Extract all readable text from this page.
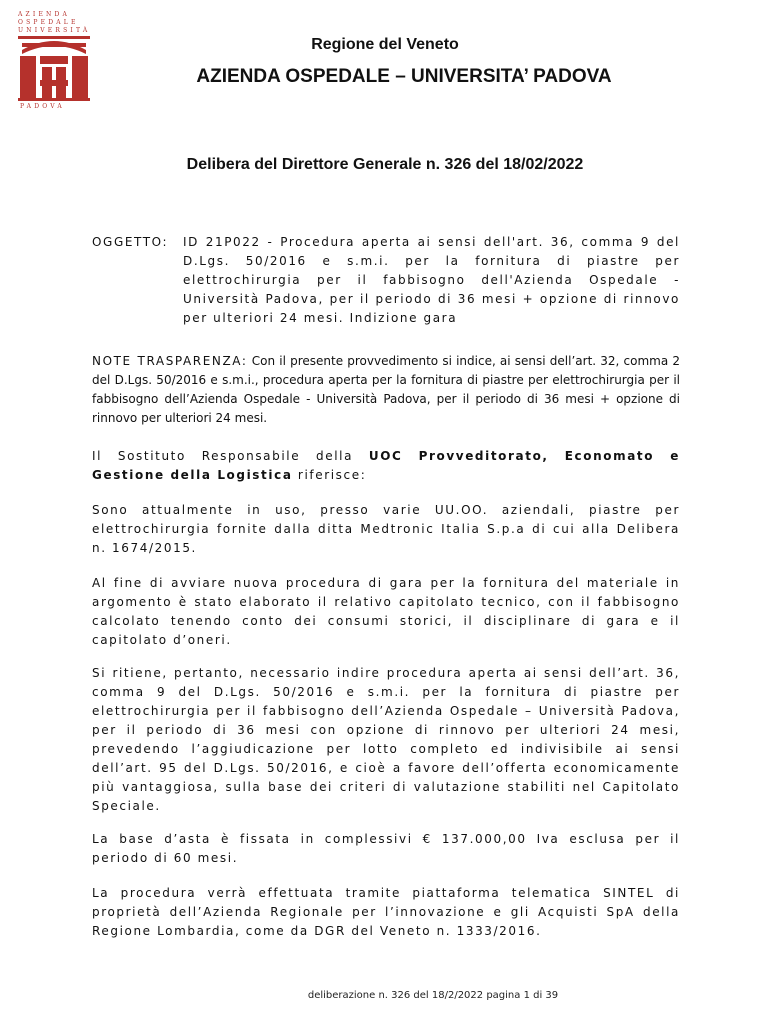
AZIENDA
OSPEDALE
UNIVERSITÀ
PADOVA
Regione del Veneto
AZIENDA OSPEDALE – UNIVERSITA’ PADOVA
Delibera del Direttore Generale n. 326 del 18/02/2022
OGGETTO: ID 21P022 - Procedura aperta ai sensi dell'art. 36, comma 9 del D.Lgs. 50/2016 e s.m.i. per la fornitura di piastre per elettrochirurgia per il fabbisogno dell'Azienda Ospedale - Università Padova, per il periodo di 36 mesi + opzione di rinnovo per ulteriori 24 mesi. Indizione gara

NOTE TRASPARENZA: Con il presente provvedimento si indice, ai sensi dell’art. 32, comma 2 del D.Lgs. 50/2016 e s.m.i., procedura aperta per la fornitura di piastre per elettrochirurgia per il fabbisogno dell’Azienda Ospedale - Università Padova, per il periodo di 36 mesi + opzione di rinnovo per ulteriori 24 mesi.

Il Sostituto Responsabile della UOC Provveditorato, Economato e Gestione della Logistica riferisce:

Sono attualmente in uso, presso varie UU.OO. aziendali, piastre per elettrochirurgia fornite dalla ditta Medtronic Italia S.p.a di cui alla Delibera n. 1674/2015.

Al fine di avviare nuova procedura di gara per la fornitura del materiale in argomento è stato elaborato il relativo capitolato tecnico, con il fabbisogno calcolato tenendo conto dei consumi storici, il disciplinare di gara e il capitolato d’oneri.

Si ritiene, pertanto, necessario indire procedura aperta ai sensi dell’art. 36, comma 9 del D.Lgs. 50/2016 e s.m.i. per la fornitura di piastre per elettrochirurgia per il fabbisogno dell’Azienda Ospedale – Università Padova, per il periodo di 36 mesi con opzione di rinnovo per ulteriori 24 mesi, prevedendo l’aggiudicazione per lotto completo ed indivisibile ai sensi dell’art. 95 del D.Lgs. 50/2016, e cioè a favore dell’offerta economicamente più vantaggiosa, sulla base dei criteri di valutazione stabiliti nel Capitolato Speciale.

La base d’asta è fissata in complessivi € 137.000,00 Iva esclusa per il periodo di 60 mesi.

La procedura verrà effettuata tramite piattaforma telematica SINTEL di proprietà dell’Azienda Regionale per l’innovazione e gli Acquisti SpA della Regione Lombardia, come da DGR del Veneto n. 1333/2016.

deliberazione n. 326 del 18/2/2022 pagina 1 di 39
